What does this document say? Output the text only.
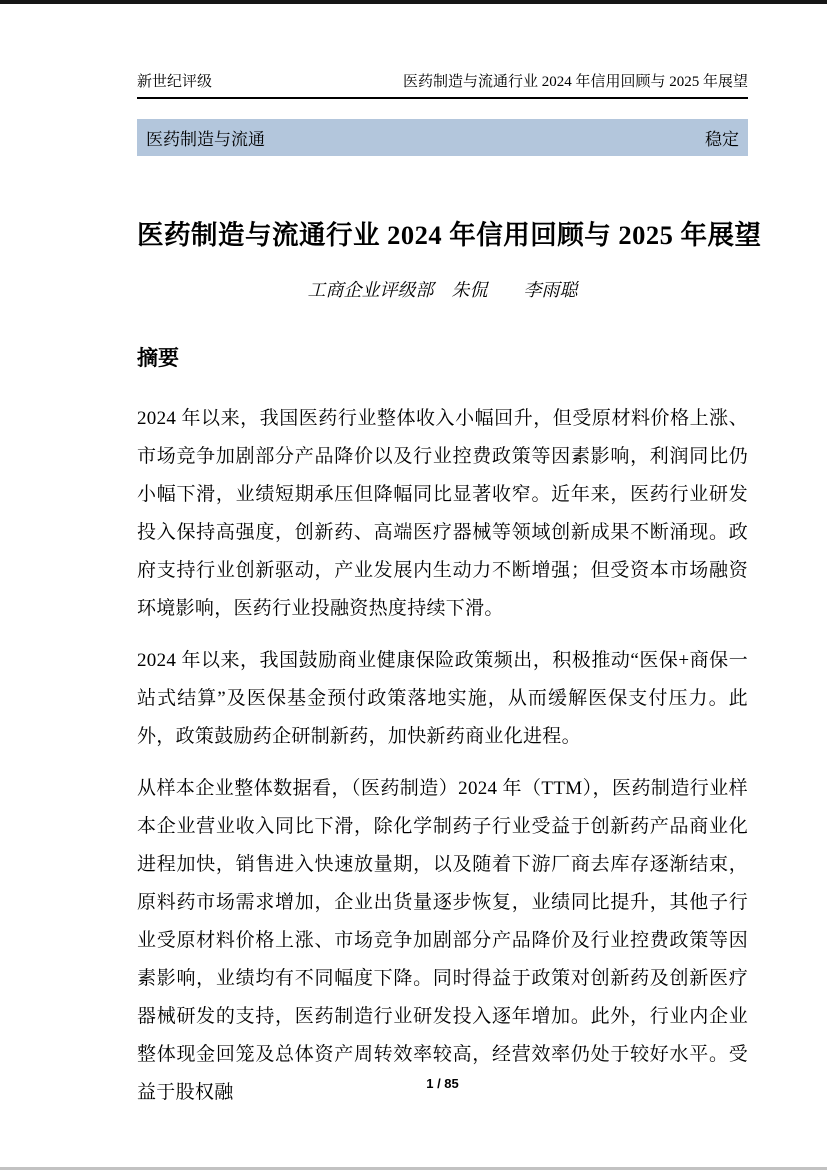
新世纪评级	医药制造与流通行业 2024 年信用回顾与 2025 年展望
医药制造与流通	稳定
医药制造与流通行业 2024 年信用回顾与 2025 年展望
工商企业评级部　朱侃　　李雨聪
摘要

2024 年以来，我国医药行业整体收入小幅回升，但受原材料价格上涨、市场竞争加剧部分产品降价以及行业控费政策等因素影响，利润同比仍小幅下滑，业绩短期承压但降幅同比显著收窄。近年来，医药行业研发投入保持高强度，创新药、高端医疗器械等领域创新成果不断涌现。政府支持行业创新驱动，产业发展内生动力不断增强；但受资本市场融资环境影响，医药行业投融资热度持续下滑。

2024 年以来，我国鼓励商业健康保险政策频出，积极推动“医保+商保一站式结算”及医保基金预付政策落地实施，从而缓解医保支付压力。此外，政策鼓励药企研制新药，加快新药商业化进程。

从样本企业整体数据看，（医药制造）2024 年（TTM），医药制造行业样本企业营业收入同比下滑，除化学制药子行业受益于创新药产品商业化进程加快，销售进入快速放量期，以及随着下游厂商去库存逐渐结束，原料药市场需求增加，企业出货量逐步恢复，业绩同比提升，其他子行业受原材料价格上涨、市场竞争加剧部分产品降价及行业控费政策等因素影响，业绩均有不同幅度下降。同时得益于政策对创新药及创新医疗器械研发的支持，医药制造行业研发投入逐年增加。此外，行业内企业整体现金回笼及总体资产周转效率较高，经营效率仍处于较好水平。受益于股权融	1 / 85
